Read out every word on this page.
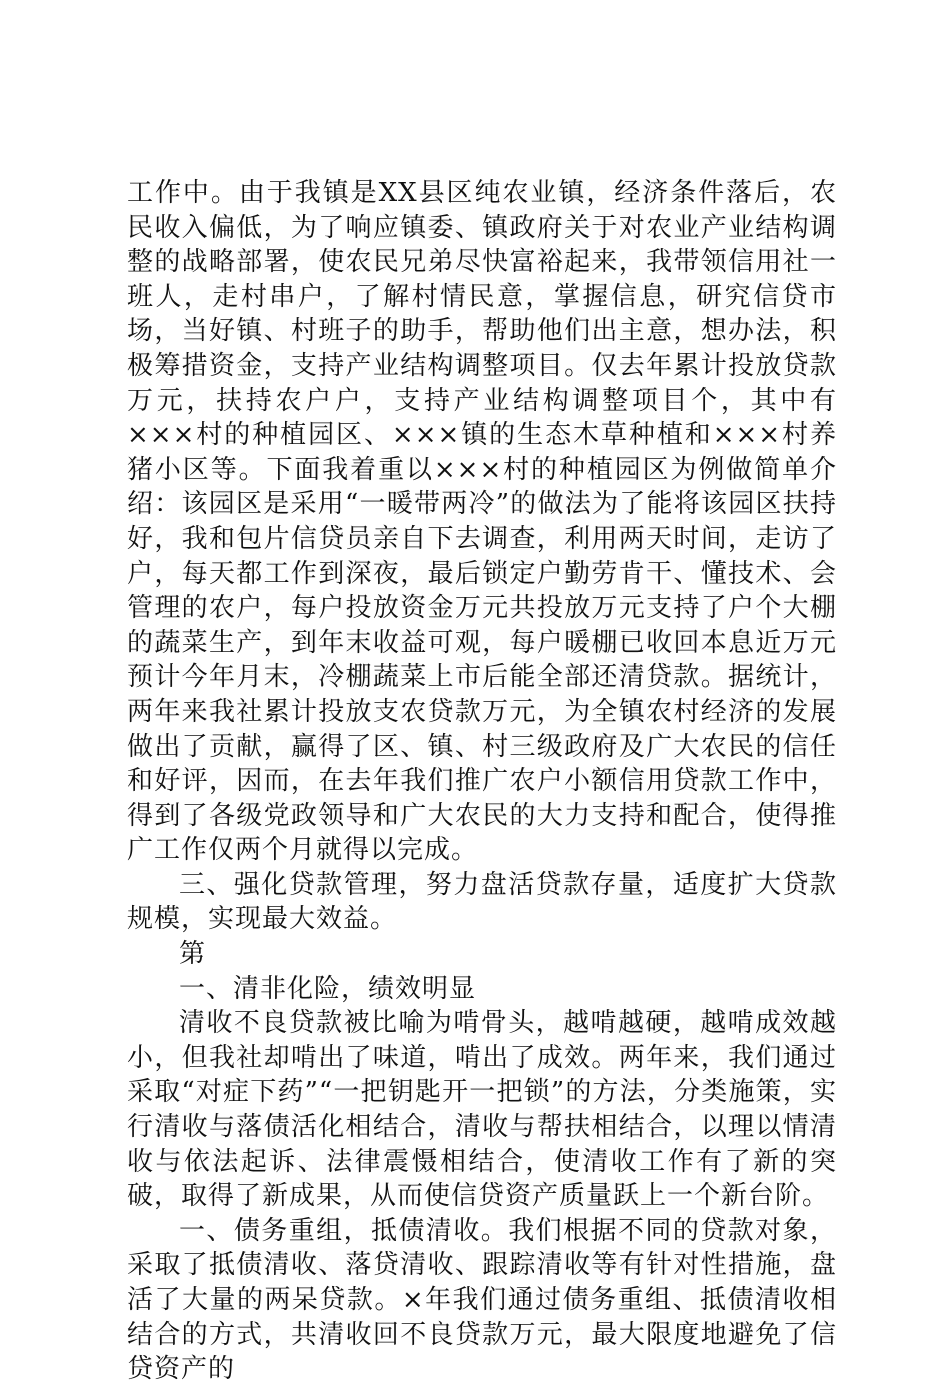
工作中。由于我镇是XX县区纯农业镇，经济条件落后，农民收入偏低，为了响应镇委、镇政府关于对农业产业结构调整的战略部署，使农民兄弟尽快富裕起来，我带领信用社一班人，走村串户，了解村情民意，掌握信息，研究信贷市场，当好镇、村班子的助手，帮助他们出主意，想办法，积极筹措资金，支持产业结构调整项目。仅去年累计投放贷款万元，扶持农户户，支持产业结构调整项目个，其中有×××村的种植园区、×××镇的生态木草种植和×××村养猪小区等。下面我着重以×××村的种植园区为例做简单介绍：该园区是采用“一暖带两冷”的做法为了能将该园区扶持好，我和包片信贷员亲自下去调查，利用两天时间，走访了户，每天都工作到深夜，最后锁定户勤劳肯干、懂技术、会管理的农户，每户投放资金万元共投放万元支持了户个大棚的蔬菜生产，到年末收益可观，每户暖棚已收回本息近万元预计今年月末，冷棚蔬菜上市后能全部还清贷款。据统计，两年来我社累计投放支农贷款万元，为全镇农村经济的发展做出了贡献，赢得了区、镇、村三级政府及广大农民的信任和好评，因而，在去年我们推广农户小额信用贷款工作中，得到了各级党政领导和广大农民的大力支持和配合，使得推广工作仅两个月就得以完成。

三、强化贷款管理，努力盘活贷款存量，适度扩大贷款规模，实现最大效益。

第

一、清非化险，绩效明显

清收不良贷款被比喻为啃骨头，越啃越硬，越啃成效越小，但我社却啃出了味道，啃出了成效。两年来，我们通过采取“对症下药”“一把钥匙开一把锁”的方法，分类施策，实行清收与落债活化相结合，清收与帮扶相结合，以理以情清收与依法起诉、法律震慑相结合，使清收工作有了新的突破，取得了新成果，从而使信贷资产质量跃上一个新台阶。

一、债务重组，抵债清收。我们根据不同的贷款对象，采取了抵债清收、落贷清收、跟踪清收等有针对性措施，盘活了大量的两呆贷款。×年我们通过债务重组、抵债清收相结合的方式，共清收回不良贷款万元，最大限度地避免了信贷资产的
